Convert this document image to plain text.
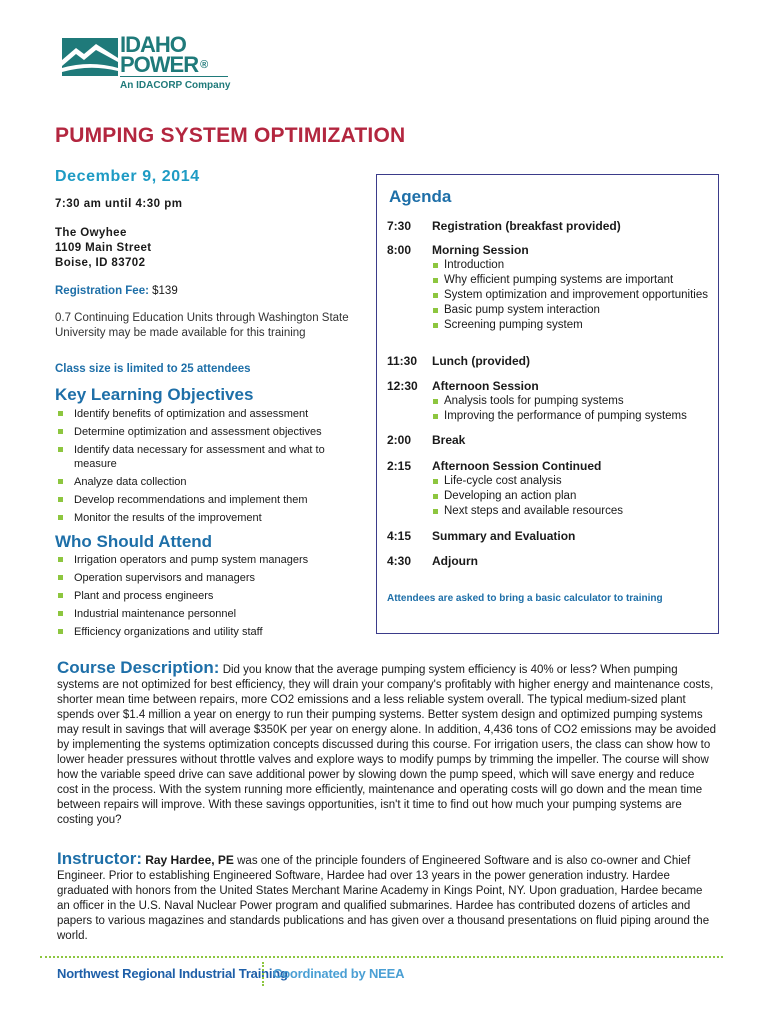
IDAHO
POWER ®
An IDACORP Company
PUMPING SYSTEM OPTIMIZATION
December 9, 2014
7:30 am until 4:30 pm
The Owyhee
1109 Main Street
Boise, ID 83702
Registration Fee: $139
0.7 Continuing Education Units through Washington State University may be made available for this training
Class size is limited to 25 attendees
Key Learning Objectives
Identify benefits of optimization and assessment
Determine optimization and assessment objectives
Identify data necessary for assessment and what to measure
Analyze data collection
Develop recommendations and implement them
Monitor the results of the improvement
Who Should Attend
Irrigation operators and pump system managers
Operation supervisors and managers
Plant and process engineers
Industrial maintenance personnel
Efficiency organizations and utility staff
Agenda
7:30 Registration (breakfast provided)
8:00 Morning Session
Introduction
Why efficient pumping systems are important
System optimization and improvement opportunities
Basic pump system interaction
Screening pumping system
11:30 Lunch (provided)
12:30 Afternoon Session
Analysis tools for pumping systems
Improving the performance of pumping systems
2:00 Break
2:15 Afternoon Session Continued
Life-cycle cost analysis
Developing an action plan
Next steps and available resources
4:15 Summary and Evaluation
4:30 Adjourn
Attendees are asked to bring a basic calculator to training
Course Description: Did you know that the average pumping system efficiency is 40% or less? When pumping systems are not optimized for best efficiency, they will drain your company's profitably with higher energy and maintenance costs, shorter mean time between repairs, more CO2 emissions and a less reliable system overall. The typical medium-sized plant spends over $1.4 million a year on energy to run their pumping systems. Better system design and optimized pumping systems may result in savings that will average $350K per year on energy alone. In addition, 4,436 tons of CO2 emissions may be avoided by implementing the systems optimization concepts discussed during this course. For irrigation users, the class can show how to lower header pressures without throttle valves and explore ways to modify pumps by trimming the impeller. The course will show how the variable speed drive can save additional power by slowing down the pump speed, which will save energy and reduce cost in the process. With the system running more efficiently, maintenance and operating costs will go down and the mean time between repairs will improve. With these savings opportunities, isn't it time to find out how much your pumping systems are costing you?
Instructor: Ray Hardee, PE was one of the principle founders of Engineered Software and is also co-owner and Chief Engineer. Prior to establishing Engineered Software, Hardee had over 13 years in the power generation industry. Hardee graduated with honors from the United States Merchant Marine Academy in Kings Point, NY. Upon graduation, Hardee became an officer in the U.S. Naval Nuclear Power program and qualified submarines. Hardee has contributed dozens of articles and papers to various magazines and standards publications and has given over a thousand presentations on fluid piping around the world.
Northwest Regional Industrial Training
Coordinated by NEEA
